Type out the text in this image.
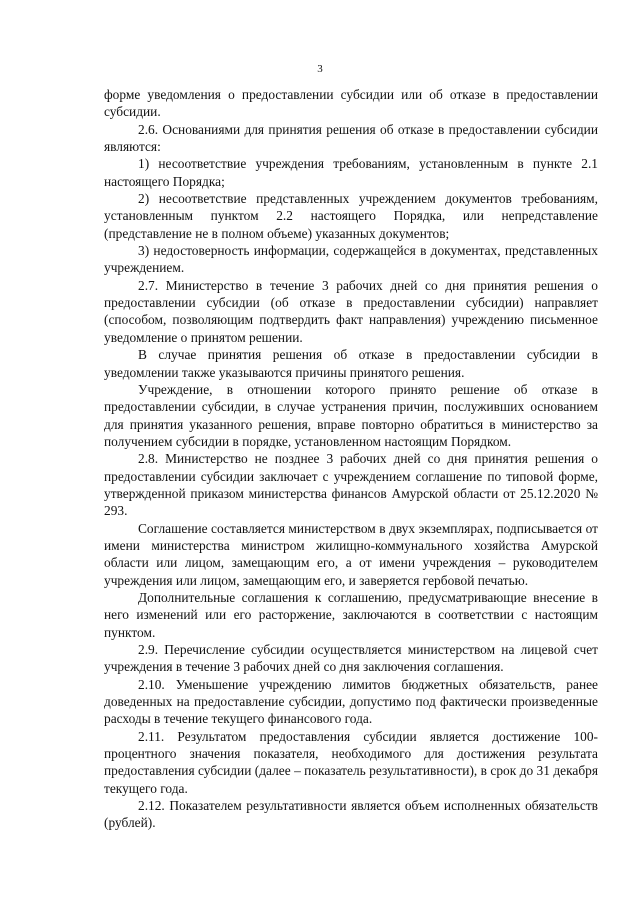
3

форме уведомления о предоставлении субсидии или об отказе в предоставлении субсидии.

2.6. Основаниями для принятия решения об отказе в предоставлении субсидии являются:

1) несоответствие учреждения требованиям, установленным в пункте 2.1 настоящего Порядка;

2) несоответствие представленных учреждением документов требованиям, установленным пунктом 2.2 настоящего Порядка, или непредставление (представление не в полном объеме) указанных документов;

3) недостоверность информации, содержащейся в документах, представленных учреждением.

2.7. Министерство в течение 3 рабочих дней со дня принятия решения о предоставлении субсидии (об отказе в предоставлении субсидии) направляет (способом, позволяющим подтвердить факт направления) учреждению письменное уведомление о принятом решении.

В случае принятия решения об отказе в предоставлении субсидии в уведомлении также указываются причины принятого решения.

Учреждение, в отношении которого принято решение об отказе в предоставлении субсидии, в случае устранения причин, послуживших основанием для принятия указанного решения, вправе повторно обратиться в министерство за получением субсидии в порядке, установленном настоящим Порядком.

2.8. Министерство не позднее 3 рабочих дней со дня принятия решения о предоставлении субсидии заключает с учреждением соглашение по типовой форме, утвержденной приказом министерства финансов Амурской области от 25.12.2020 № 293.

Соглашение составляется министерством в двух экземплярах, подписывается от имени министерства министром жилищно-коммунального хозяйства Амурской области или лицом, замещающим его, а от имени учреждения – руководителем учреждения или лицом, замещающим его, и заверяется гербовой печатью.

Дополнительные соглашения к соглашению, предусматривающие внесение в него изменений или его расторжение, заключаются в соответствии с настоящим пунктом.

2.9. Перечисление субсидии осуществляется министерством на лицевой счет учреждения в течение 3 рабочих дней со дня заключения соглашения.

2.10. Уменьшение учреждению лимитов бюджетных обязательств, ранее доведенных на предоставление субсидии, допустимо под фактически произведенные расходы в течение текущего финансового года.

2.11. Результатом предоставления субсидии является достижение 100-процентного значения показателя, необходимого для достижения результата предоставления субсидии (далее – показатель результативности), в срок до 31 декабря текущего года.

2.12. Показателем результативности является объем исполненных обязательств (рублей).
